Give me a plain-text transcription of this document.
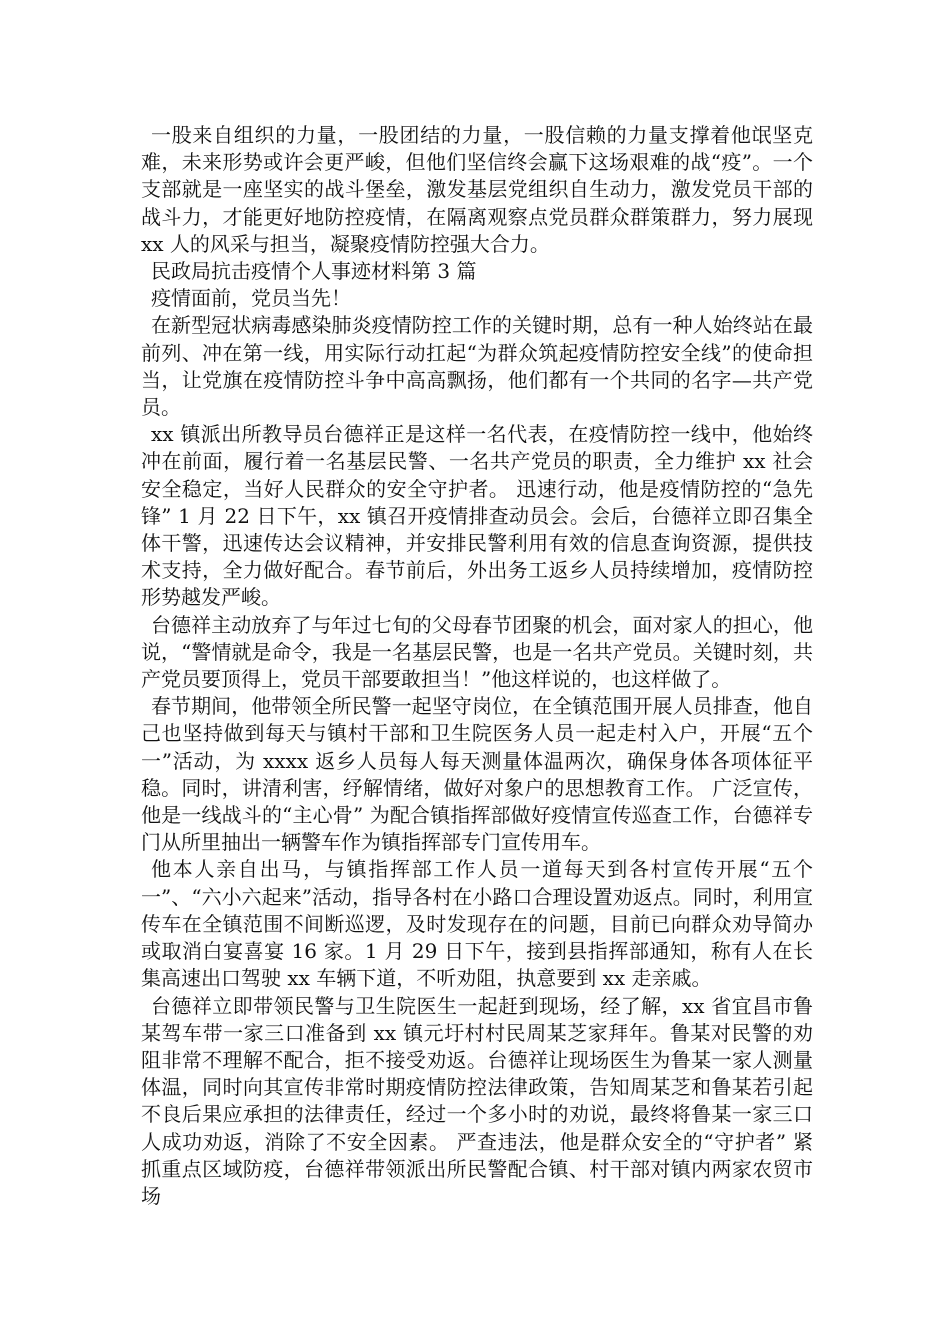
一股来自组织的力量，一股团结的力量，一股信赖的力量支撑着他氓坚克难，未来形势或许会更严峻，但他们坚信终会赢下这场艰难的战“疫”。一个支部就是一座坚实的战斗堡垒，激发基层党组织自生动力，激发党员干部的战斗力，才能更好地防控疫情，在隔离观察点党员群众群策群力，努力展现 xx 人的风采与担当，凝聚疫情防控强大合力。

民政局抗击疫情个人事迹材料第 3 篇

疫情面前，党员当先！

在新型冠状病毒感染肺炎疫情防控工作的关键时期，总有一种人始终站在最前列、冲在第一线，用实际行动扛起“为群众筑起疫情防控安全线”的使命担当，让党旗在疫情防控斗争中高高飘扬，他们都有一个共同的名字—共产党员。

xx 镇派出所教导员台德祥正是这样一名代表，在疫情防控一线中，他始终冲在前面，履行着一名基层民警、一名共产党员的职责，全力维护 xx 社会安全稳定，当好人民群众的安全守护者。 迅速行动，他是疫情防控的“急先锋” 1 月 22 日下午，xx 镇召开疫情排查动员会。会后，台德祥立即召集全体干警，迅速传达会议精神，并安排民警利用有效的信息查询资源，提供技术支持，全力做好配合。春节前后，外出务工返乡人员持续增加，疫情防控形势越发严峻。

台德祥主动放弃了与年过七旬的父母春节团聚的机会，面对家人的担心，他说，“警情就是命令，我是一名基层民警，也是一名共产党员。关键时刻，共产党员要顶得上，党员干部要敢担当！”他这样说的，也这样做了。

春节期间，他带领全所民警一起坚守岗位，在全镇范围开展人员排查，他自己也坚持做到每天与镇村干部和卫生院医务人员一起走村入户，开展“五个一”活动，为 xxxx 返乡人员每人每天测量体温两次，确保身体各项体征平稳。同时，讲清利害，纾解情绪，做好对象户的思想教育工作。 广泛宣传，他是一线战斗的“主心骨” 为配合镇指挥部做好疫情宣传巡查工作，台德祥专门从所里抽出一辆警车作为镇指挥部专门宣传用车。

他本人亲自出马，与镇指挥部工作人员一道每天到各村宣传开展“五个一”、“六小六起来”活动，指导各村在小路口合理设置劝返点。同时，利用宣传车在全镇范围不间断巡逻，及时发现存在的问题，目前已向群众劝导简办或取消白宴喜宴 16 家。1 月 29 日下午，接到县指挥部通知，称有人在长集高速出口驾驶 xx 车辆下道，不听劝阻，执意要到 xx 走亲戚。

台德祥立即带领民警与卫生院医生一起赶到现场，经了解，xx 省宜昌市鲁某驾车带一家三口准备到 xx 镇元圩村村民周某芝家拜年。鲁某对民警的劝阻非常不理解不配合，拒不接受劝返。台德祥让现场医生为鲁某一家人测量体温，同时向其宣传非常时期疫情防控法律政策，告知周某芝和鲁某若引起不良后果应承担的法律责任，经过一个多小时的劝说，最终将鲁某一家三口人成功劝返，消除了不安全因素。 严查违法，他是群众安全的“守护者” 紧抓重点区域防疫，台德祥带领派出所民警配合镇、村干部对镇内两家农贸市场
